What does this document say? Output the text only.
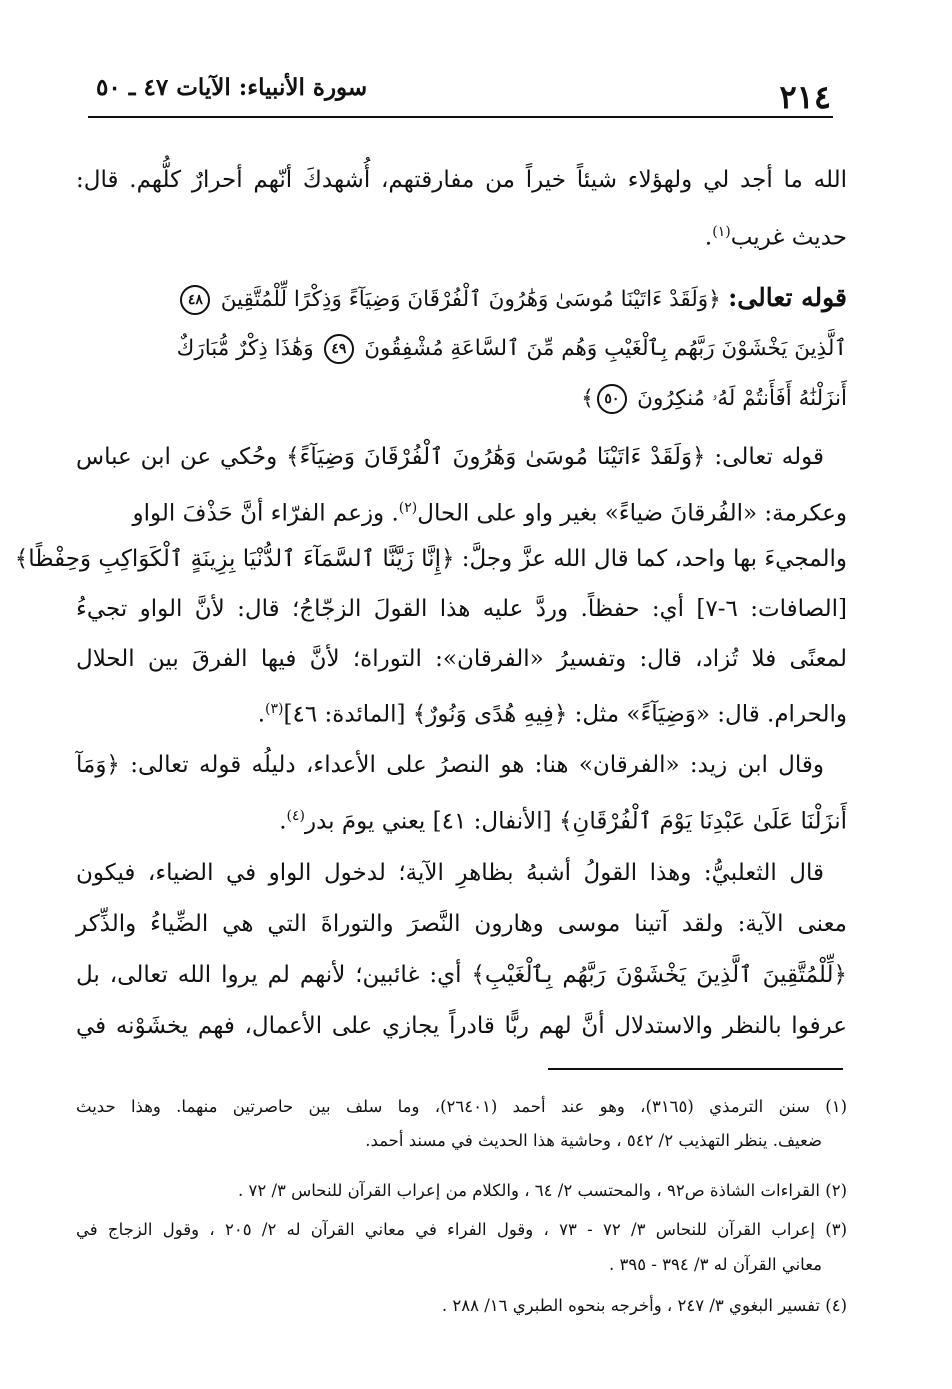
٢١٤
سورة الأنبياء: الآيات ٤٧ ـ ٥٠
الله ما أجد لي ولهؤلاء شيئاً خيراً من مفارقتهم، أُشهدكَ أنّهم أحرارٌ كلُّهم. قال:
حديث غريب$^{(١)}$.
قوله تعالى: ﴿وَلَقَدْ ءَاتَيْنَا مُوسَىٰ وَهَٰرُونَ ٱلْفُرْقَانَ وَضِيَآءً وَذِكْرًا لِّلْمُتَّقِينَ ٤٨
ٱلَّذِينَ يَخْشَوْنَ رَبَّهُم بِٱلْغَيْبِ وَهُم مِّنَ ٱلسَّاعَةِ مُشْفِقُونَ ٤٩ وَهَٰذَا ذِكْرٌ مُّبَارَكٌ
أَنزَلْنَٰهُ أَفَأَنتُمْ لَهُۥ مُنكِرُونَ ٥٠﴾
قوله تعالى: ﴿وَلَقَدْ ءَاتَيْنَا مُوسَىٰ وَهَٰرُونَ ٱلْفُرْقَانَ وَضِيَآءً﴾ وحُكي عن ابن عباس
وعكرمة: «الفُرقانَ ضياءً» بغير واو على الحال$^{(٢)}$. وزعم الفرّاء أنَّ حَذْفَ الواو
والمجيءَ بها واحد، كما قال الله عزَّ وجلَّ: ﴿إِنَّا زَيَّنَّا ٱلسَّمَآءَ ٱلدُّنْيَا بِزِينَةٍ ٱلْكَوَاكِبِ وَحِفْظًا﴾
[الصافات: ٦-٧] أي: حفظاً. وردَّ عليه هذا القولَ الزجّاجُ؛ قال: لأنَّ الواو تجيءُ
لمعنًى فلا تُزاد، قال: وتفسيرُ «الفرقان»: التوراة؛ لأنَّ فيها الفرقَ بين الحلال
والحرام. قال: «وَضِيَآءً» مثل: ﴿فِيهِ هُدًى وَنُورٌ﴾ [المائدة: ٤٦]$^{(٣)}$.
وقال ابن زيد: «الفرقان» هنا: هو النصرُ على الأعداء، دليلُه قوله تعالى: ﴿وَمَآ
أَنزَلْنَا عَلَىٰ عَبْدِنَا يَوْمَ ٱلْفُرْقَانِ﴾ [الأنفال: ٤١] يعني يومَ بدر$^{(٤)}$.
قال الثعلبيُّ: وهذا القولُ أشبهُ بظاهرِ الآية؛ لدخول الواو في الضياء، فيكون
معنى الآية: ولقد آتينا موسى وهارون النَّصرَ والتوراةَ التي هي الضِّياءُ والذِّكر
﴿لِّلْمُتَّقِينَ ٱلَّذِينَ يَخْشَوْنَ رَبَّهُم بِٱلْغَيْبِ﴾ أي: غائبين؛ لأنهم لم يروا الله تعالى، بل
عرفوا بالنظر والاستدلال أنَّ لهم ربًّا قادراً يجازي على الأعمال، فهم يخشَوْنه في
(١) سنن الترمذي (٣١٦٥)، وهو عند أحمد (٢٦٤٠١)، وما سلف بين حاصرتين منهما. وهذا حديث
ضعيف. ينظر التهذيب ٢/ ٥٤٢ ، وحاشية هذا الحديث في مسند أحمد.
(٢) القراءات الشاذة ص٩٢ ، والمحتسب ٢/ ٦٤ ، والكلام من إعراب القرآن للنحاس ٣/ ٧٢ .
(٣) إعراب القرآن للنحاس ٣/ ٧٢ - ٧٣ ، وقول الفراء في معاني القرآن له ٢/ ٢٠٥ ، وقول الزجاج في
معاني القرآن له ٣/ ٣٩٤ - ٣٩٥ .
(٤) تفسير البغوي ٣/ ٢٤٧ ، وأخرجه بنحوه الطبري ١٦/ ٢٨٨ .
